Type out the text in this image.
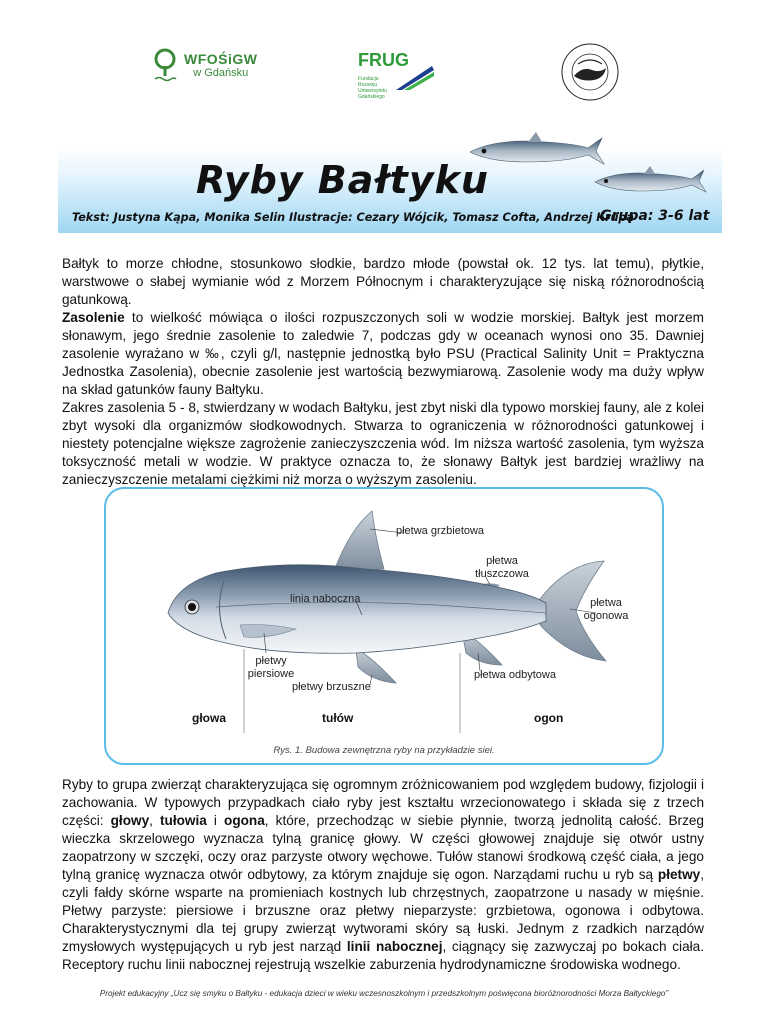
WFOŚiGW
w Gdańsku
FRUG
Fundacja Rozwoju Uniwersytetu Gdańskiego
Ryby Bałtyku
Tekst: Justyna Kąpa, Monika Selin Ilustracje: Cezary Wójcik, Tomasz Cofta, Andrzej Krupa
Grupa: 3-6 lat

Bałtyk to morze chłodne, stosunkowo słodkie, bardzo młode (powstał ok. 12 tys. lat temu), płytkie, warstwowe o słabej wymianie wód z Morzem Północnym i charakteryzujące się niską różnorodnością gatunkową.

Zasolenie to wielkość mówiąca o ilości rozpuszczonych soli w wodzie morskiej. Bałtyk jest morzem słonawym, jego średnie zasolenie to zaledwie 7, podczas gdy w oceanach wynosi ono 35. Dawniej zasolenie wyrażano w ‰, czyli g/l, następnie jednostką było PSU (Practical Salinity Unit = Praktyczna Jednostka Zasolenia), obecnie zasolenie jest wartością bezwymiarową. Zasolenie wody ma duży wpływ na skład gatunków fauny Bałtyku.

Zakres zasolenia 5 - 8, stwierdzany w wodach Bałtyku, jest zbyt niski dla typowo morskiej fauny, ale z kolei zbyt wysoki dla organizmów słodkowodnych. Stwarza to ograniczenia w różnorodności gatunkowej i niestety potencjalne większe zagrożenie zanieczyszczenia wód. Im niższa wartość zasolenia, tym wyższa toksyczność metali w wodzie. W praktyce oznacza to, że słonawy Bałtyk jest bardziej wrażliwy na zanieczyszczenie metalami ciężkimi niż morza o wyższym zasoleniu.

płetwa grzbietowa
płetwa tłuszczowa
linia naboczna	płetwa ogonowa
płetwy piersiowe	płetwa odbytowa
płetwy brzuszne
głowa	tułów	ogon
Rys. 1. Budowa zewnętrzna ryby na przykładzie siei.

Ryby to grupa zwierząt charakteryzująca się ogromnym zróżnicowaniem pod względem budowy, fizjologii i zachowania. W typowych przypadkach ciało ryby jest kształtu wrzecionowatego i składa się z trzech części: głowy, tułowia i ogona, które, przechodząc w siebie płynnie, tworzą jednolitą całość. Brzeg wieczka skrzelowego wyznacza tylną granicę głowy. W części głowowej znajduje się otwór ustny zaopatrzony w szczęki, oczy oraz parzyste otwory węchowe. Tułów stanowi środkową część ciała, a jego tylną granicę wyznacza otwór odbytowy, za którym znajduje się ogon. Narządami ruchu u ryb są płetwy, czyli fałdy skórne wsparte na promieniach kostnych lub chrzęstnych, zaopatrzone u nasady w mięśnie. Płetwy parzyste: piersiowe i brzuszne oraz płetwy nieparzyste: grzbietowa, ogonowa i odbytowa. Charakterystycznymi dla tej grupy zwierząt wytworami skóry są łuski. Jednym z rzadkich narządów zmysłowych występujących u ryb jest narząd linii nabocznej, ciągnący się zazwyczaj po bokach ciała. Receptory ruchu linii nabocznej rejestrują wszelkie zaburzenia hydrodynamiczne środowiska wodnego.

Projekt edukacyjny „Ucz się smyku o Bałtyku - edukacja dzieci w wieku wczesnoszkolnym i przedszkolnym poświęcona bioróżnorodności Morza Bałtyckiego”
